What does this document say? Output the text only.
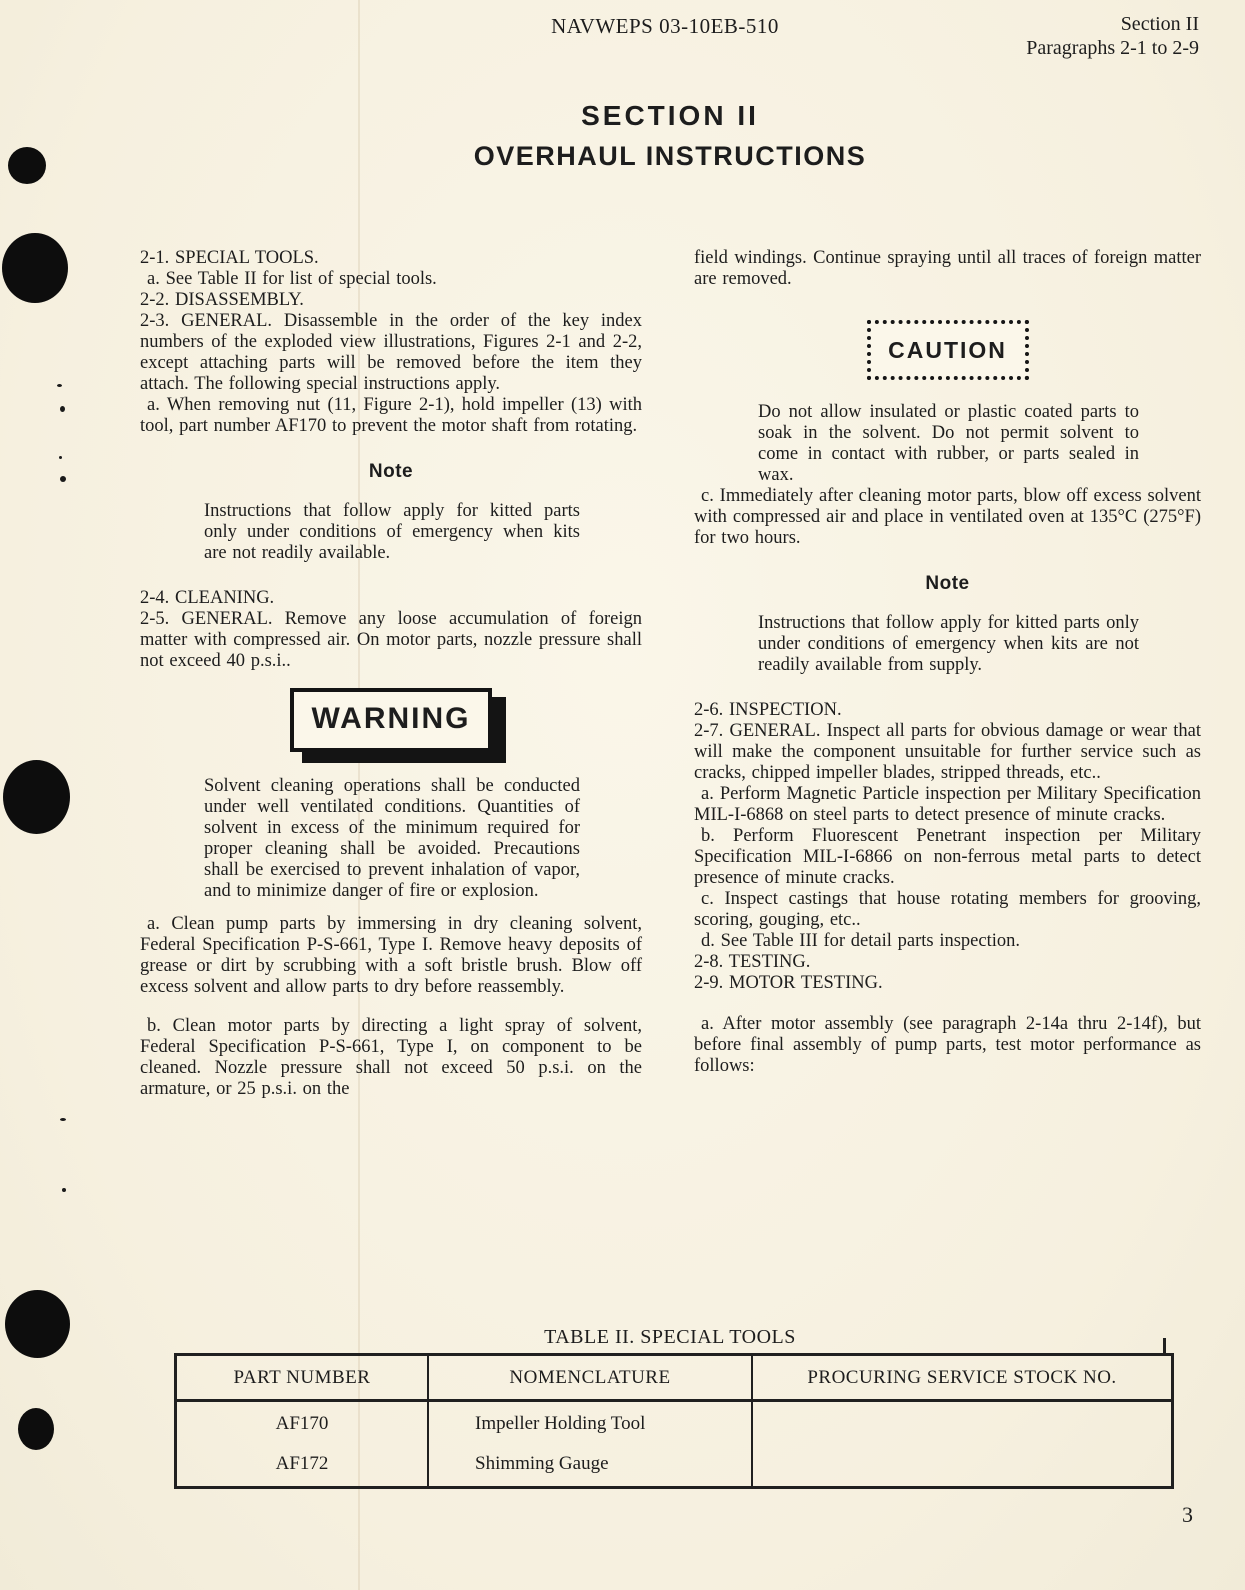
NAVWEPS 03-10EB-510	Section II
Paragraphs 2-1 to 2-9
SECTION II
OVERHAUL INSTRUCTIONS

2-1. SPECIAL TOOLS.

a. See Table II for list of special tools.

2-2. DISASSEMBLY.

2-3. GENERAL. Disassemble in the order of the key index numbers of the exploded view illustrations, Figures 2-1 and 2-2, except attaching parts will be removed before the item they attach. The following special instructions apply.

a. When removing nut (11, Figure 2-1), hold impeller (13) with tool, part number AF170 to prevent the motor shaft from rotating.

Note

Instructions that follow apply for kitted parts only under conditions of emergency when kits are not readily available.

2-4. CLEANING.

2-5. GENERAL. Remove any loose accumulation of foreign matter with compressed air. On motor parts, nozzle pressure shall not exceed 40 p.s.i..

WARNING

Solvent cleaning operations shall be conducted under well ventilated conditions. Quantities of solvent in excess of the minimum required for proper cleaning shall be avoided. Precautions shall be exercised to prevent inhalation of vapor, and to minimize danger of fire or explosion.

a. Clean pump parts by immersing in dry cleaning solvent, Federal Specification P-S-661, Type I. Remove heavy deposits of grease or dirt by scrubbing with a soft bristle brush. Blow off excess solvent and allow parts to dry before reassembly.

b. Clean motor parts by directing a light spray of solvent, Federal Specification P-S-661, Type I, on component to be cleaned. Nozzle pressure shall not exceed 50 p.s.i. on the armature, or 25 p.s.i. on the

field windings. Continue spraying until all traces of foreign matter are removed.

CAUTION

Do not allow insulated or plastic coated parts to soak in the solvent. Do not permit solvent to come in contact with rubber, or parts sealed in wax.

c. Immediately after cleaning motor parts, blow off excess solvent with compressed air and place in ventilated oven at 135°C (275°F) for two hours.

Note

Instructions that follow apply for kitted parts only under conditions of emergency when kits are not readily available from supply.

2-6. INSPECTION.

2-7. GENERAL. Inspect all parts for obvious damage or wear that will make the component unsuitable for further service such as cracks, chipped impeller blades, stripped threads, etc..

a. Perform Magnetic Particle inspection per Military Specification MIL-I-6868 on steel parts to detect presence of minute cracks.

b. Perform Fluorescent Penetrant inspection per Military Specification MIL-I-6866 on non-ferrous metal parts to detect presence of minute cracks.

c. Inspect castings that house rotating members for grooving, scoring, gouging, etc..

d. See Table III for detail parts inspection.

2-8. TESTING.

2-9. MOTOR TESTING.

a. After motor assembly (see paragraph 2-14a thru 2-14f), but before final assembly of pump parts, test motor performance as follows:

TABLE II. SPECIAL TOOLS
PART NUMBER	NOMENCLATURE	PROCURING SERVICE STOCK NO.
AF170	Impeller Holding Tool	
AF172	Shimming Gauge	
3
